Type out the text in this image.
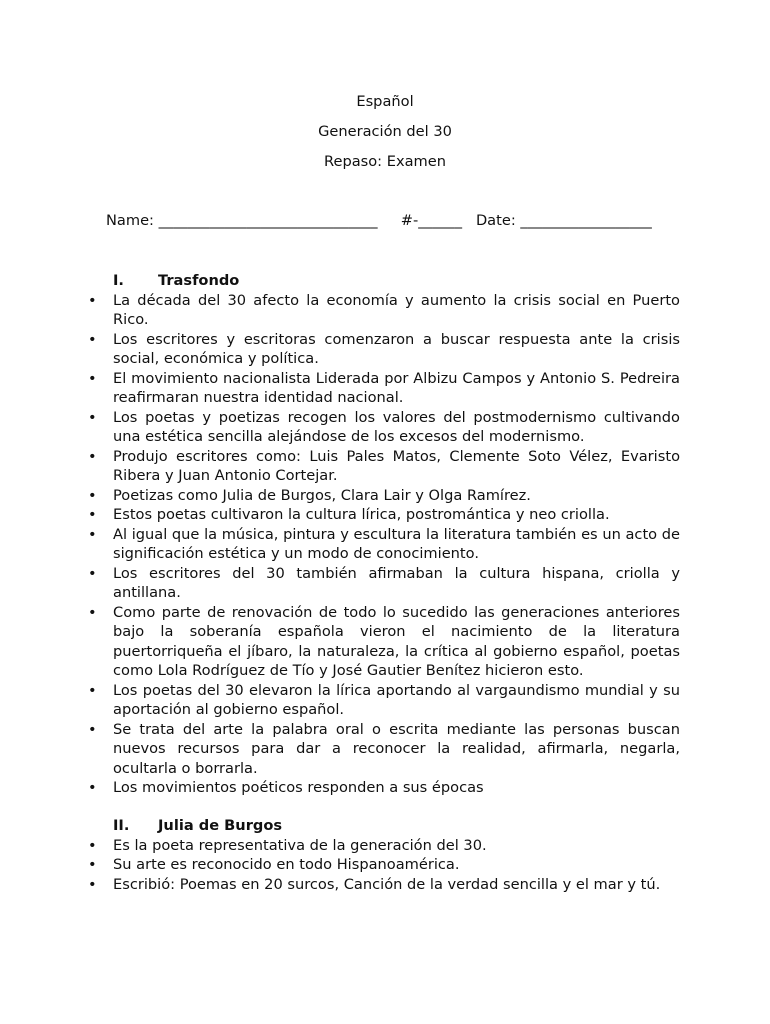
Español
Generación del 30
Repaso: Examen
Name: ______________________________ #-______ Date: __________________
I. Trasfondo
• La década del 30 afecto la economía y aumento la crisis social en Puerto Rico.
• Los escritores y escritoras comenzaron a buscar respuesta ante la crisis social, económica y política.
• El movimiento nacionalista Liderada por Albizu Campos y Antonio S. Pedreira reafirmaran nuestra identidad nacional.
• Los poetas y poetizas recogen los valores del postmodernismo cultivando una estética sencilla alejándose de los excesos del modernismo.
• Produjo escritores como: Luis Pales Matos, Clemente Soto Vélez, Evaristo Ribera y Juan Antonio Cortejar.
• Poetizas como Julia de Burgos, Clara Lair y Olga Ramírez.
• Estos poetas cultivaron la cultura lírica, postromántica y neo criolla.
• Al igual que la música, pintura y escultura la literatura también es un acto de significación estética y un modo de conocimiento.
• Los escritores del 30 también afirmaban la cultura hispana, criolla y antillana.
• Como parte de renovación de todo lo sucedido las generaciones anteriores bajo la soberanía española vieron el nacimiento de la literatura puertorriqueña el jíbaro, la naturaleza, la crítica al gobierno español, poetas como Lola Rodríguez de Tío y José Gautier Benítez hicieron esto.
• Los poetas del 30 elevaron la lírica aportando al vargaundismo mundial y su aportación al gobierno español.
• Se trata del arte la palabra oral o escrita mediante las personas buscan nuevos recursos para dar a reconocer la realidad, afirmarla, negarla, ocultarla o borrarla.
• Los movimientos poéticos responden a sus épocas
II. Julia de Burgos
• Es la poeta representativa de la generación del 30.
• Su arte es reconocido en todo Hispanoamérica.
• Escribió: Poemas en 20 surcos, Canción de la verdad sencilla y el mar y tú.
